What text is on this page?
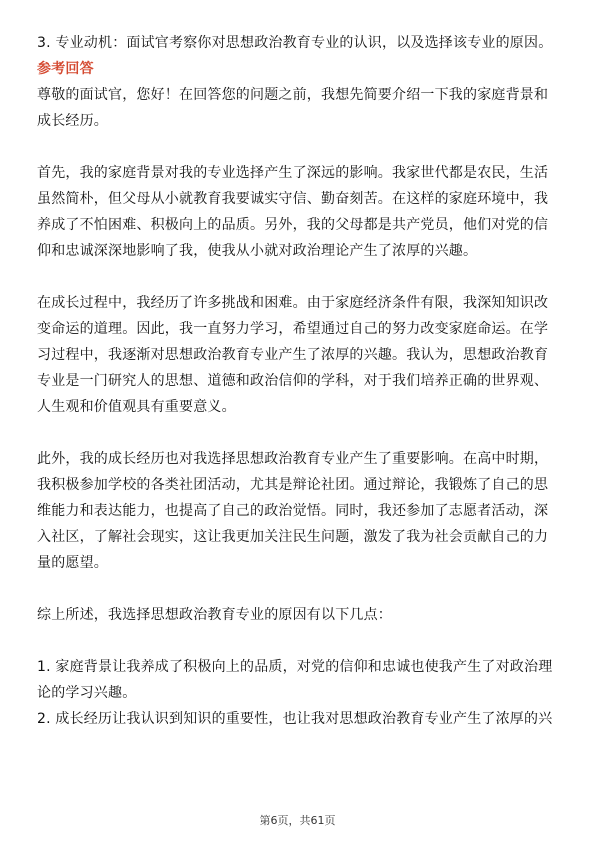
3. 专业动机：面试官考察你对思想政治教育专业的认识，以及选择该专业的原因。

参考回答

尊敬的面试官，您好！在回答您的问题之前，我想先简要介绍一下我的家庭背景和成长经历。

首先，我的家庭背景对我的专业选择产生了深远的影响。我家世代都是农民，生活虽然简朴，但父母从小就教育我要诚实守信、勤奋刻苦。在这样的家庭环境中，我养成了不怕困难、积极向上的品质。另外，我的父母都是共产党员，他们对党的信仰和忠诚深深地影响了我，使我从小就对政治理论产生了浓厚的兴趣。

在成长过程中，我经历了许多挑战和困难。由于家庭经济条件有限，我深知知识改变命运的道理。因此，我一直努力学习，希望通过自己的努力改变家庭命运。在学习过程中，我逐渐对思想政治教育专业产生了浓厚的兴趣。我认为，思想政治教育专业是一门研究人的思想、道德和政治信仰的学科，对于我们培养正确的世界观、人生观和价值观具有重要意义。

此外，我的成长经历也对我选择思想政治教育专业产生了重要影响。在高中时期，我积极参加学校的各类社团活动，尤其是辩论社团。通过辩论，我锻炼了自己的思维能力和表达能力，也提高了自己的政治觉悟。同时，我还参加了志愿者活动，深入社区，了解社会现实，这让我更加关注民生问题，激发了我为社会贡献自己的力量的愿望。

综上所述，我选择思想政治教育专业的原因有以下几点：

1. 家庭背景让我养成了积极向上的品质，对党的信仰和忠诚也使我产生了对政治理论的学习兴趣。

2. 成长经历让我认识到知识的重要性，也让我对思想政治教育专业产生了浓厚的兴

第6页，共61页
